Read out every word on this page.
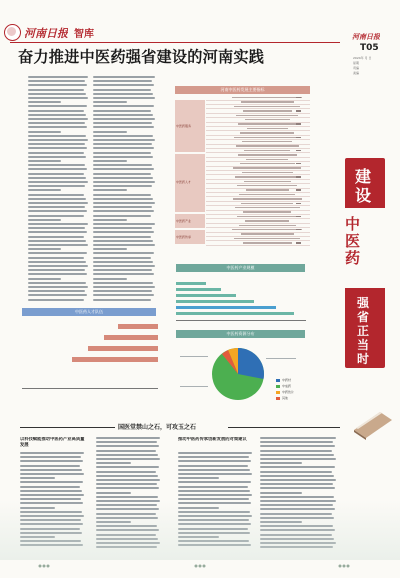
河南日报 智库	河南日报
T05
2024年 月 日
星期
责编
美编
奋力推进中医药强省建设的河南实践
建
设
中医药
强
省
正
当
时
河南中医药发展主要指标
中医药服务
中医药人才
中医药产业
中医药传承
中医药产业规模
中医药人才队伍
中医药资源分布
中药材
中成药
中药饮片
其他
国医堂禁山之石，可攻玉之石
以科技赋能推动中医药产业高质量发展
推动中医药传承创新发展的对策建议
